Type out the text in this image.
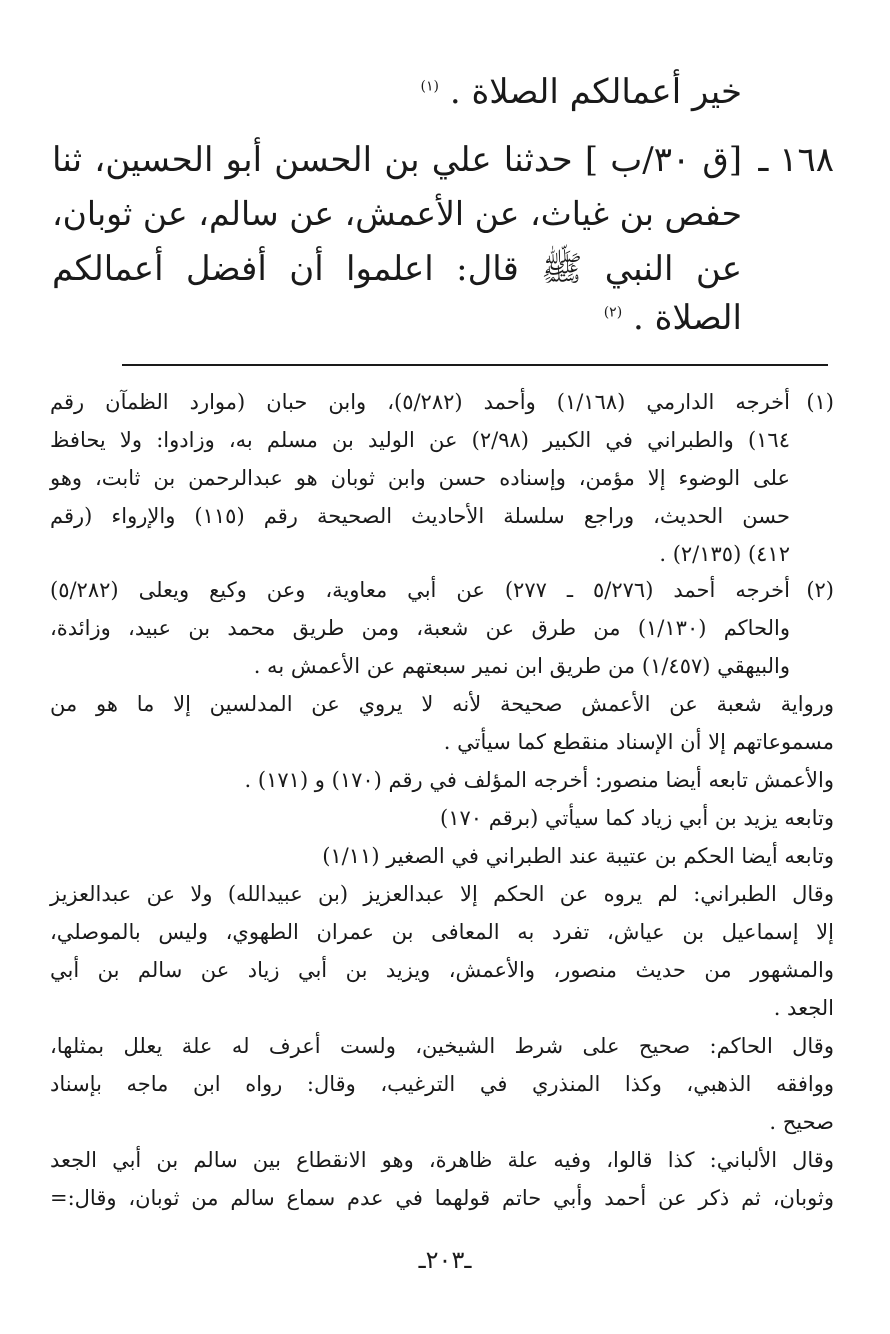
خير أعمالكم الصلاة . $^{(١)}$
١٦٨ ـ
[ق ٣٠/ب ] حدثنا علي بن الحسن أبو الحسين، ثنا
حفص بن غياث، عن الأعمش، عن سالم، عن ثوبان،
عن النبي ﷺ قال: اعلموا أن أفضل أعمالكم
الصلاة . $^{(٢)}$
(١)
أخرجه الدارمي (١/١٦٨) وأحمد (٥/٢٨٢)، وابن حبان (موارد الظمآن رقم
١٦٤) والطبراني في الكبير (٢/٩٨) عن الوليد بن مسلم به، وزادوا: ولا يحافظ
على الوضوء إلا مؤمن، وإسناده حسن وابن ثوبان هو عبدالرحمن بن ثابت، وهو
حسن الحديث، وراجع سلسلة الأحاديث الصحيحة رقم (١١٥) والإرواء (رقم
٤١٢) (٢/١٣٥) .
(٢)
أخرجه أحمد (٥/٢٧٦ ـ ٢٧٧) عن أبي معاوية، وعن وكيع ويعلى (٥/٢٨٢)
والحاكم (١/١٣٠) من طرق عن شعبة، ومن طريق محمد بن عبيد، وزائدة،
والبيهقي (١/٤٥٧) من طريق ابن نمير سبعتهم عن الأعمش به .
ورواية شعبة عن الأعمش صحيحة لأنه لا يروي عن المدلسين إلا ما هو من
مسموعاتهم إلا أن الإسناد منقطع كما سيأتي .
والأعمش تابعه أيضا منصور: أخرجه المؤلف في رقم (١٧٠) و (١٧١) .
وتابعه يزيد بن أبي زياد كما سيأتي (برقم ١٧٠)
وتابعه أيضا الحكم بن عتيبة عند الطبراني في الصغير (١/١١)
وقال الطبراني: لم يروه عن الحكم إلا عبدالعزيز (بن عبيدالله) ولا عن عبدالعزيز
إلا إسماعيل بن عياش، تفرد به المعافى بن عمران الطهوي، وليس بالموصلي،
والمشهور من حديث منصور، والأعمش، ويزيد بن أبي زياد عن سالم بن أبي
الجعد .
وقال الحاكم: صحيح على شرط الشيخين، ولست أعرف له علة يعلل بمثلها،
ووافقه الذهبي، وكذا المنذري في الترغيب، وقال: رواه ابن ماجه بإسناد
صحيح .
وقال الألباني: كذا قالوا، وفيه علة ظاهرة، وهو الانقطاع بين سالم بن أبي الجعد
وثوبان، ثم ذكر عن أحمد وأبي حاتم قولهما في عدم سماع سالم من ثوبان، وقال:=
ـ٢٠٣ـ
